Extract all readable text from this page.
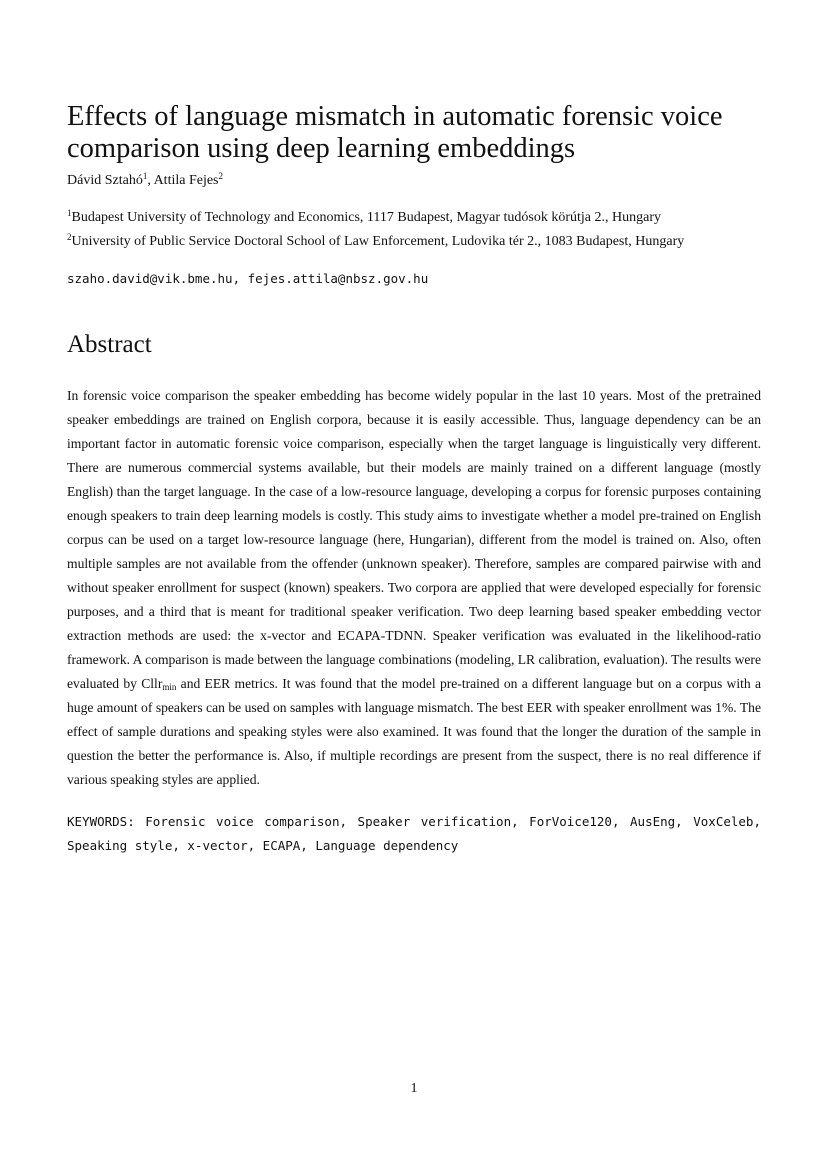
Effects of language mismatch in automatic forensic voice comparison using deep learning embeddings
Dávid Sztahó$^1$, Attila Fejes$^2$
$^1$Budapest University of Technology and Economics, 1117 Budapest, Magyar tudósok körútja 2., Hungary
$^2$University of Public Service Doctoral School of Law Enforcement, Ludovika tér 2., 1083 Budapest, Hungary
szaho.david@vik.bme.hu, fejes.attila@nbsz.gov.hu
Abstract

In forensic voice comparison the speaker embedding has become widely popular in the last 10 years. Most of the pretrained speaker embeddings are trained on English corpora, because it is easily accessible. Thus, language dependency can be an important factor in automatic forensic voice comparison, especially when the target language is linguistically very different. There are numerous commercial systems available, but their models are mainly trained on a different language (mostly English) than the target language. In the case of a low-resource language, developing a corpus for forensic purposes containing enough speakers to train deep learning models is costly. This study aims to investigate whether a model pre-trained on English corpus can be used on a target low-resource language (here, Hungarian), different from the model is trained on. Also, often multiple samples are not available from the offender (unknown speaker). Therefore, samples are compared pairwise with and without speaker enrollment for suspect (known) speakers. Two corpora are applied that were developed especially for forensic purposes, and a third that is meant for traditional speaker verification. Two deep learning based speaker embedding vector extraction methods are used: the x-vector and ECAPA-TDNN. Speaker verification was evaluated in the likelihood-ratio framework. A comparison is made between the language combinations (modeling, LR calibration, evaluation). The results were evaluated by Cllr$_{min}$ and EER metrics. It was found that the model pre-trained on a different language but on a corpus with a huge amount of speakers can be used on samples with language mismatch. The best EER with speaker enrollment was 1%. The effect of sample durations and speaking styles were also examined. It was found that the longer the duration of the sample in question the better the performance is. Also, if multiple recordings are present from the suspect, there is no real difference if various speaking styles are applied.

KEYWORDS: Forensic voice comparison, Speaker verification, ForVoice120, AusEng, VoxCeleb, Speaking style, x-vector, ECAPA, Language dependency

1
